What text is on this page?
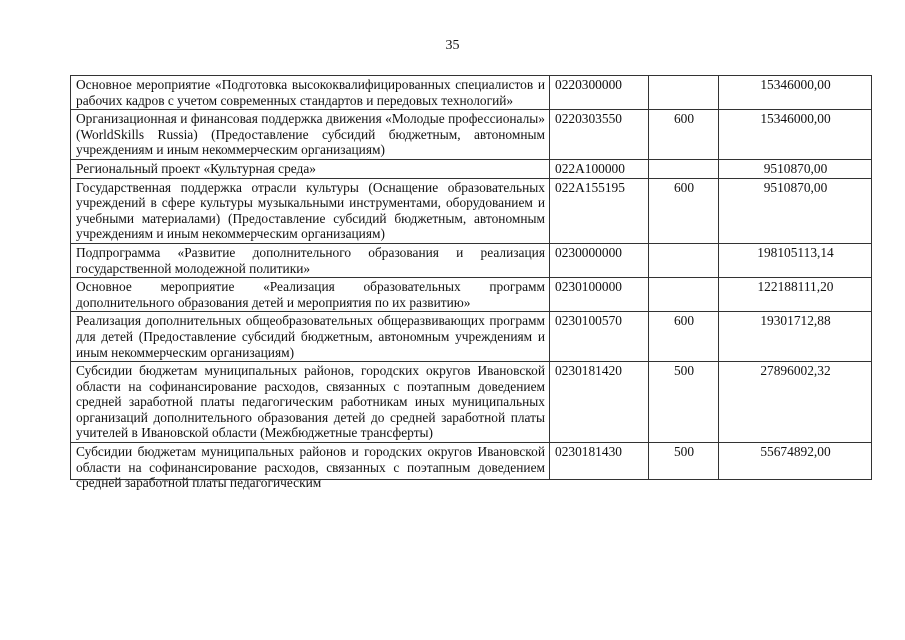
35
Основное мероприятие «Подготовка высококвалифицированных специалистов и рабочих кадров с учетом современных стандартов и передовых технологий»	0220300000		15346000,00
Организационная и финансовая поддержка движения «Молодые профессионалы» (WorldSkills Russia) (Предоставление субсидий бюджетным, автономным учреждениям и иным некоммерческим организациям)	0220303550	600	15346000,00
Региональный проект «Культурная среда»	022A100000		9510870,00
Государственная поддержка отрасли культуры (Оснащение образовательных учреждений в сфере культуры музыкальными инструментами, оборудованием и учебными материалами) (Предоставление субсидий бюджетным, автономным учреждениям и иным некоммерческим организациям)	022A155195	600	9510870,00
Подпрограмма «Развитие дополнительного образования и реализация государственной молодежной политики»	0230000000		198105113,14
Основное мероприятие «Реализация образовательных программ дополнительного образования детей и мероприятия по их развитию»	0230100000		122188111,20
Реализация дополнительных общеобразовательных общеразвивающих программ для детей (Предоставление субсидий бюджетным, автономным учреждениям и иным некоммерческим организациям)	0230100570	600	19301712,88
Субсидии бюджетам муниципальных районов, городских округов Ивановской области на софинансирование расходов, связанных с поэтапным доведением средней заработной платы педагогическим работникам иных муниципальных организаций дополнительного образования детей до средней заработной платы учителей в Ивановской области (Межбюджетные трансферты)	0230181420	500	27896002,32

Субсидии бюджетам муниципальных районов и городских округов Ивановской области на софинансирование расходов, связанных с поэтапным доведением средней заработной платы педагогическим	0230181430	500	55674892,00
